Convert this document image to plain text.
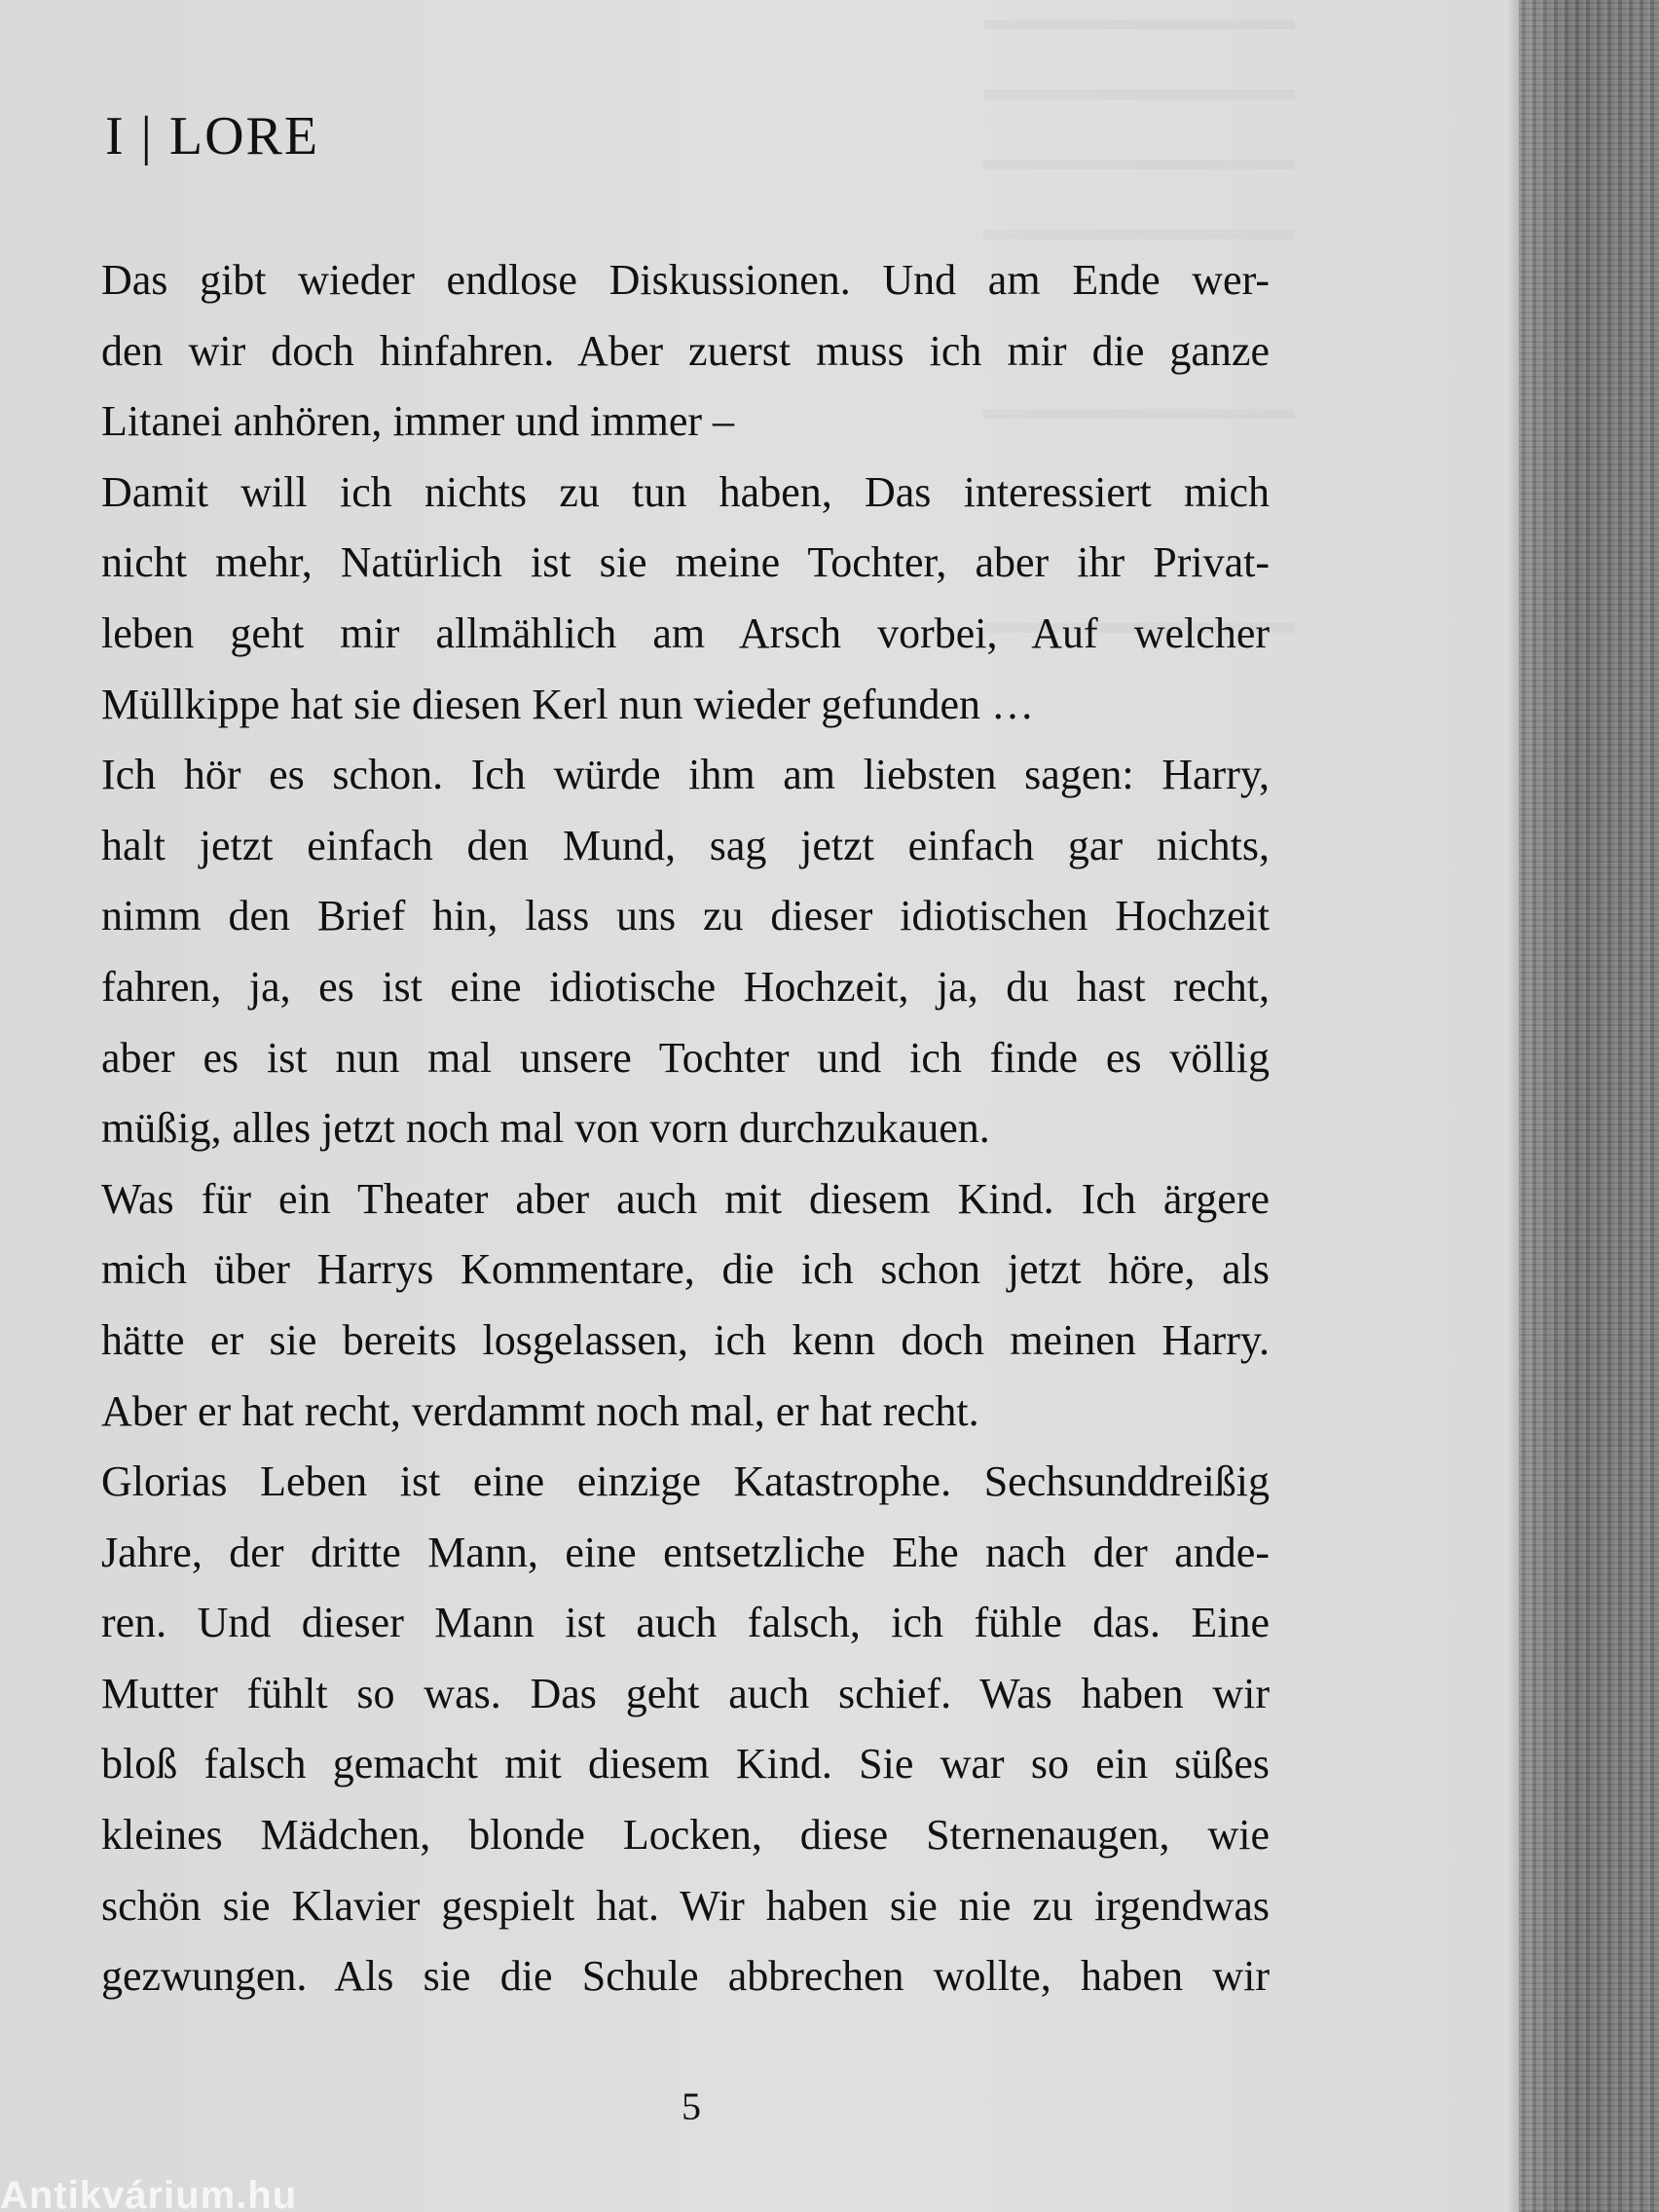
I | LORE
Das gibt wieder endlose Diskussionen. Und am Ende wer-
den wir doch hinfahren. Aber zuerst muss ich mir die ganze
Litanei anhören, immer und immer –
Damit will ich nichts zu tun haben, Das interessiert mich
nicht mehr, Natürlich ist sie meine Tochter, aber ihr Privat-
leben geht mir allmählich am Arsch vorbei, Auf welcher
Müllkippe hat sie diesen Kerl nun wieder gefunden …
Ich hör es schon. Ich würde ihm am liebsten sagen: Harry,
halt jetzt einfach den Mund, sag jetzt einfach gar nichts,
nimm den Brief hin, lass uns zu dieser idiotischen Hochzeit
fahren, ja, es ist eine idiotische Hochzeit, ja, du hast recht,
aber es ist nun mal unsere Tochter und ich finde es völlig
müßig, alles jetzt noch mal von vorn durchzukauen.
Was für ein Theater aber auch mit diesem Kind. Ich ärgere
mich über Harrys Kommentare, die ich schon jetzt höre, als
hätte er sie bereits losgelassen, ich kenn doch meinen Harry.
Aber er hat recht, verdammt noch mal, er hat recht.
Glorias Leben ist eine einzige Katastrophe. Sechsunddreißig
Jahre, der dritte Mann, eine entsetzliche Ehe nach der ande-
ren. Und dieser Mann ist auch falsch, ich fühle das. Eine
Mutter fühlt so was. Das geht auch schief. Was haben wir
bloß falsch gemacht mit diesem Kind. Sie war so ein süßes
kleines Mädchen, blonde Locken, diese Sternenaugen, wie
schön sie Klavier gespielt hat. Wir haben sie nie zu irgendwas
gezwungen. Als sie die Schule abbrechen wollte, haben wir
5
Antikvárium.hu
